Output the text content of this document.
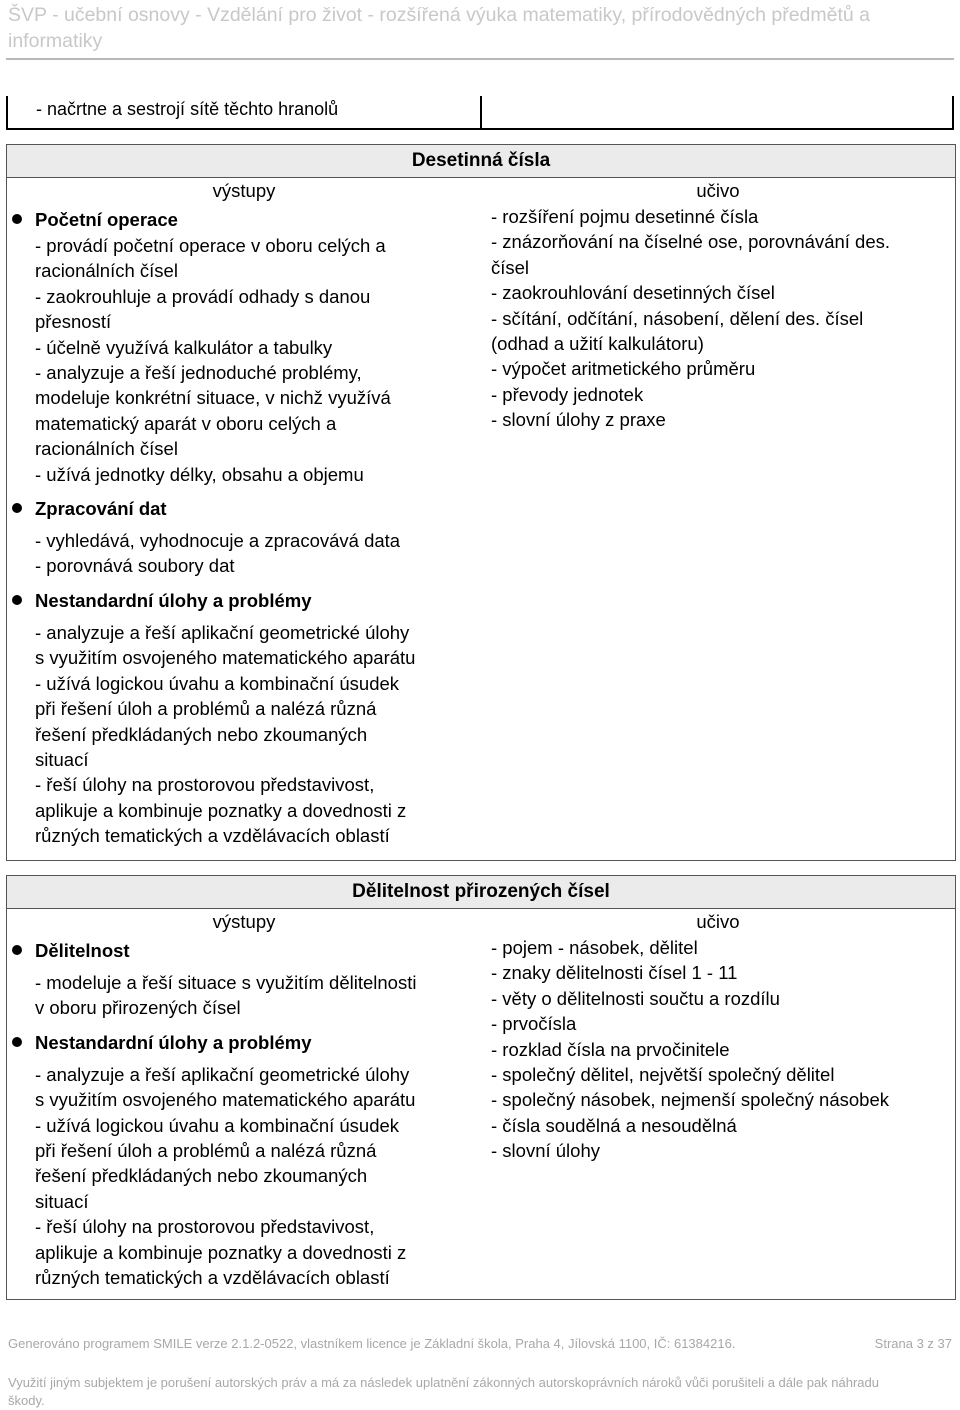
ŠVP - učební osnovy - Vzdělání pro život - rozšířená výuka matematiky, přírodovědných předmětů a informatiky
- načrtne a sestrojí sítě těchto hranolů
Desetinná čísla
výstupy
Početní operace
- provádí početní operace v oboru celých a
racionálních čísel
- zaokrouhluje a provádí odhady s danou
přesností
- účelně využívá kalkulátor a tabulky
- analyzuje a řeší jednoduché problémy,
modeluje konkrétní situace, v nichž využívá
matematický aparát v oboru celých a
racionálních čísel
- užívá jednotky délky, obsahu a objemu
Zpracování dat
- vyhledává, vyhodnocuje a zpracovává data
- porovnává soubory dat
Nestandardní úlohy a problémy
- analyzuje a řeší aplikační geometrické úlohy
s využitím osvojeného matematického aparátu
- užívá logickou úvahu a kombinační úsudek
při řešení úloh a problémů a nalézá různá
řešení předkládaných nebo zkoumaných
situací
- řeší úlohy na prostorovou představivost,
aplikuje a kombinuje poznatky a dovednosti z
různých tematických a vzdělávacích oblastí
učivo
- rozšíření pojmu desetinné čísla
- znázorňování na číselné ose, porovnávání des.
čísel
- zaokrouhlování desetinných čísel
- sčítání, odčítání, násobení, dělení des. čísel
(odhad a užití kalkulátoru)
- výpočet aritmetického průměru
- převody jednotek
- slovní úlohy z praxe
Dělitelnost přirozených čísel
výstupy
Dělitelnost
- modeluje a řeší situace s využitím dělitelnosti
v oboru přirozených čísel
Nestandardní úlohy a problémy
- analyzuje a řeší aplikační geometrické úlohy
s využitím osvojeného matematického aparátu
- užívá logickou úvahu a kombinační úsudek
při řešení úloh a problémů a nalézá různá
řešení předkládaných nebo zkoumaných
situací
- řeší úlohy na prostorovou představivost,
aplikuje a kombinuje poznatky a dovednosti z
různých tematických a vzdělávacích oblastí
učivo
- pojem - násobek, dělitel
- znaky dělitelnosti čísel 1 - 11
- věty o dělitelnosti součtu a rozdílu
- prvočísla
- rozklad čísla na prvočinitele
- společný dělitel, největší společný dělitel
- společný násobek, nejmenší společný násobek
- čísla soudělná a nesoudělná
- slovní úlohy
Generováno programem SMILE verze 2.1.2-0522, vlastníkem licence je Základní škola, Praha 4, Jílovská 1100, IČ: 61384216.	Strana 3 z 37
Využití jiným subjektem je porušení autorských práv a má za následek uplatnění zákonných autorskoprávních nároků vůči porušiteli a dále pak náhradu škody.
